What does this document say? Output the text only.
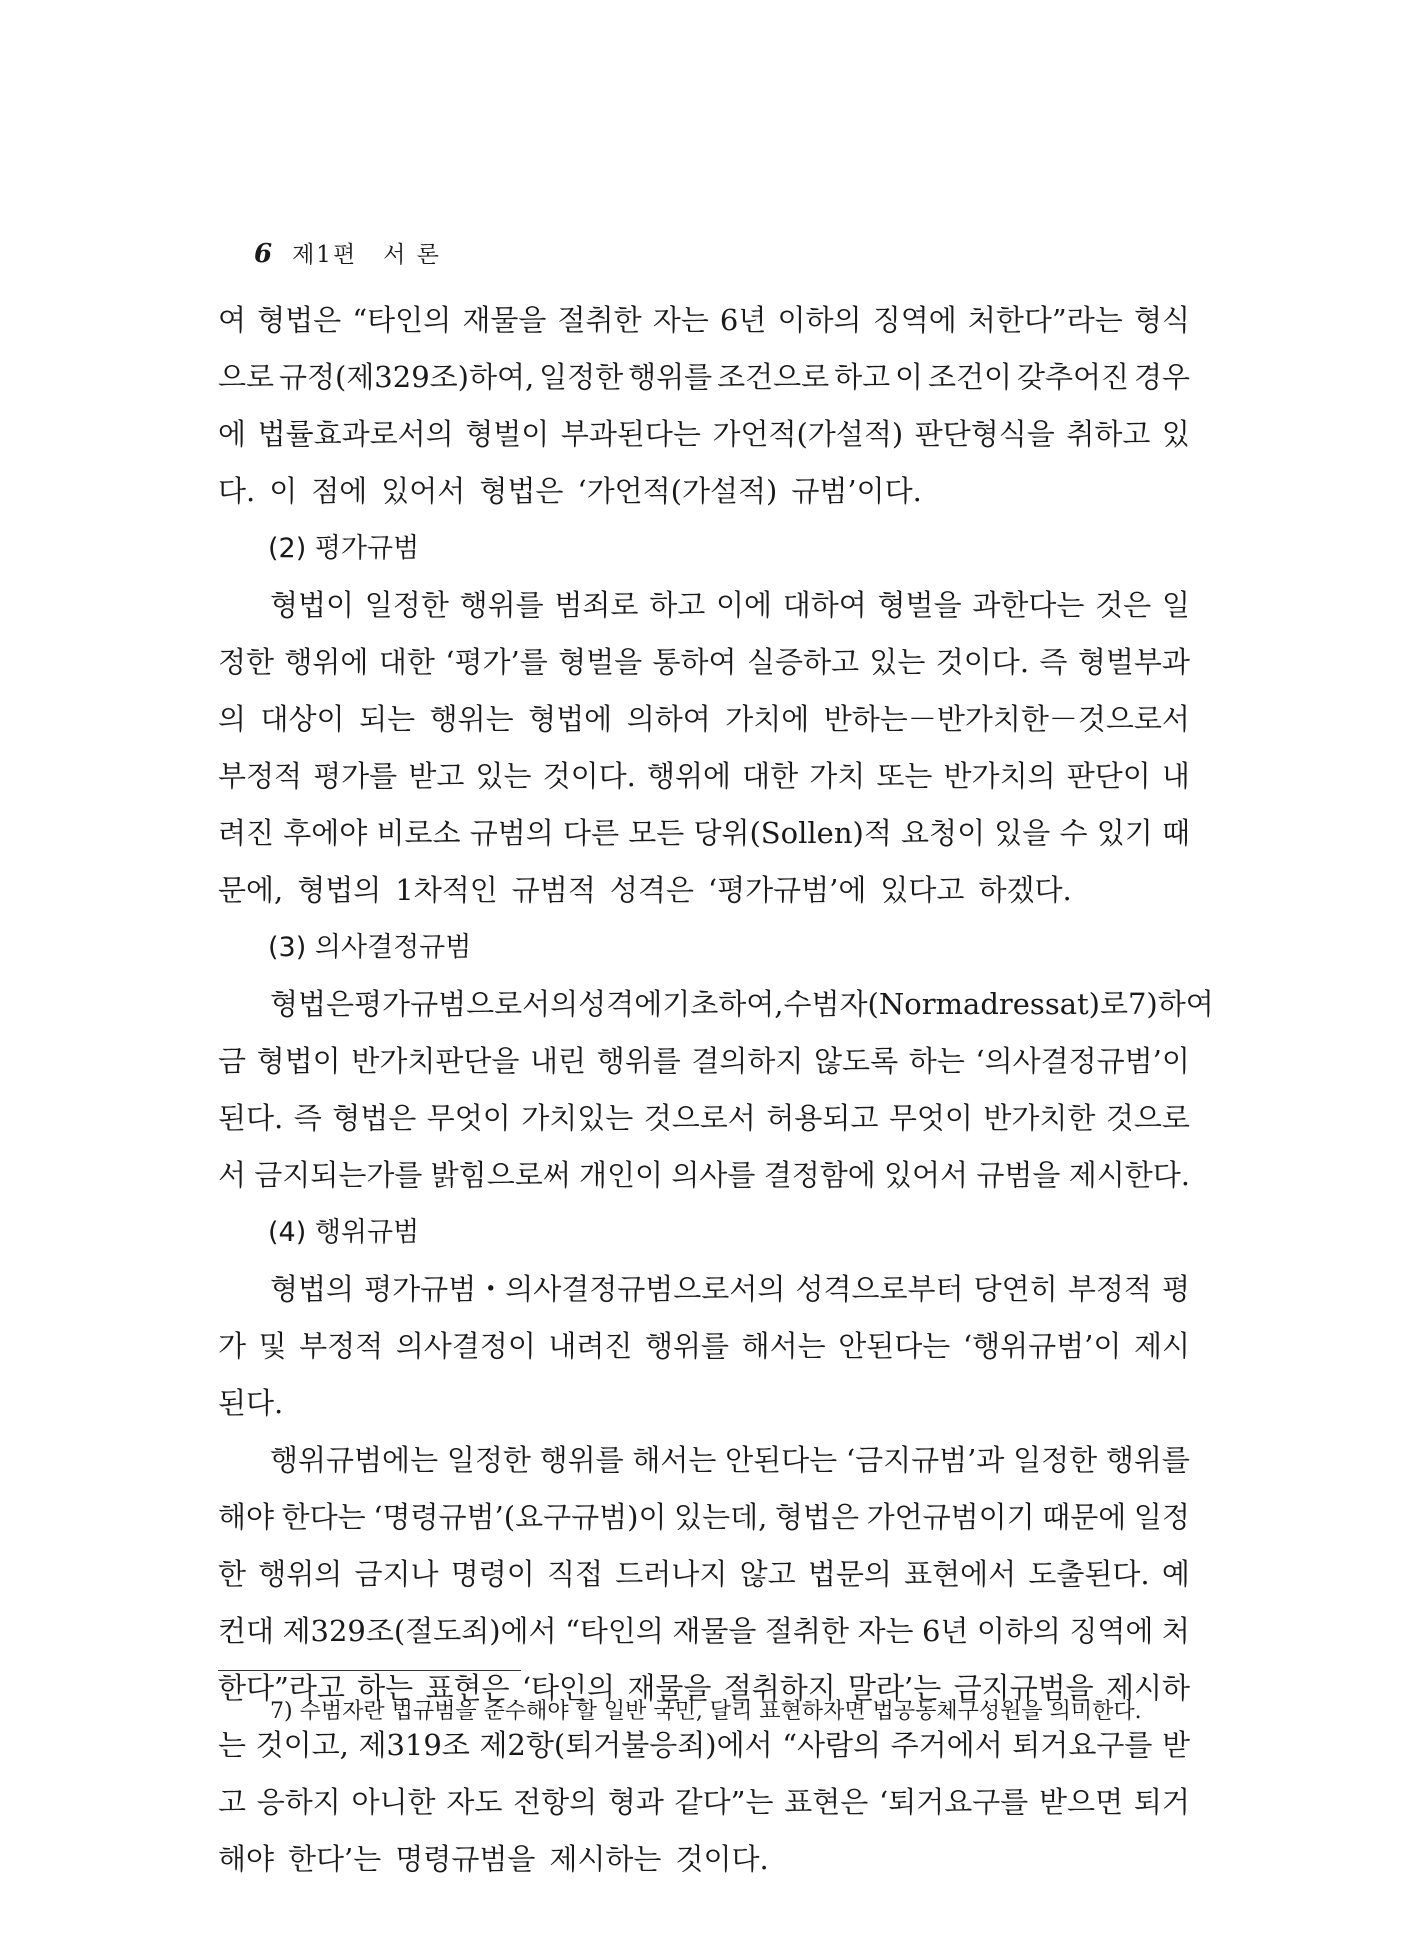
6 제1편 서 론
여 형법은 “타인의 재물을 절취한 자는 6년 이하의 징역에 처한다”라는 형식
으로 규정(제329조)하여, 일정한 행위를 조건으로 하고 이 조건이 갖추어진 경우
에 법률효과로서의 형벌이 부과된다는 가언적(가설적) 판단형식을 취하고 있
다. 이 점에 있어서 형법은 ‘가언적(가설적) 규범’이다.
(2) 평가규범
형법이 일정한 행위를 범죄로 하고 이에 대하여 형벌을 과한다는 것은 일
정한 행위에 대한 ‘평가’를 형벌을 통하여 실증하고 있는 것이다. 즉 형벌부과
의 대상이 되는 행위는 형법에 의하여 가치에 반하는－반가치한－것으로서
부정적 평가를 받고 있는 것이다. 행위에 대한 가치 또는 반가치의 판단이 내
려진 후에야 비로소 규범의 다른 모든 당위(Sollen)적 요청이 있을 수 있기 때
문에, 형법의 1차적인 규범적 성격은 ‘평가규범’에 있다고 하겠다.
(3) 의사결정규범
형법은 평가규범으로서의 성격에 기초하여, 수범자(Normadressat)로7) 하여
금 형법이 반가치판단을 내린 행위를 결의하지 않도록 하는 ‘의사결정규범’이
된다. 즉 형법은 무엇이 가치있는 것으로서 허용되고 무엇이 반가치한 것으로
서 금지되는가를 밝힘으로써 개인이 의사를 결정함에 있어서 규범을 제시한다.
(4) 행위규범
형법의 평가규범・의사결정규범으로서의 성격으로부터 당연히 부정적 평
가 및 부정적 의사결정이 내려진 행위를 해서는 안된다는 ‘행위규범’이 제시
된다.
행위규범에는 일정한 행위를 해서는 안된다는 ‘금지규범’과 일정한 행위를
해야 한다는 ‘명령규범’(요구규범)이 있는데, 형법은 가언규범이기 때문에 일정
한 행위의 금지나 명령이 직접 드러나지 않고 법문의 표현에서 도출된다. 예
컨대 제329조(절도죄)에서 “타인의 재물을 절취한 자는 6년 이하의 징역에 처
한다”라고 하는 표현은 ‘타인의 재물을 절취하지 말라’는 금지규범을 제시하
는 것이고, 제319조 제2항(퇴거불응죄)에서 “사람의 주거에서 퇴거요구를 받
고 응하지 아니한 자도 전항의 형과 같다”는 표현은 ‘퇴거요구를 받으면 퇴거
해야 한다’는 명령규범을 제시하는 것이다.
7) 수범자란 법규범을 준수해야 할 일반 국민, 달리 표현하자면 법공동체구성원을 의미한다.
